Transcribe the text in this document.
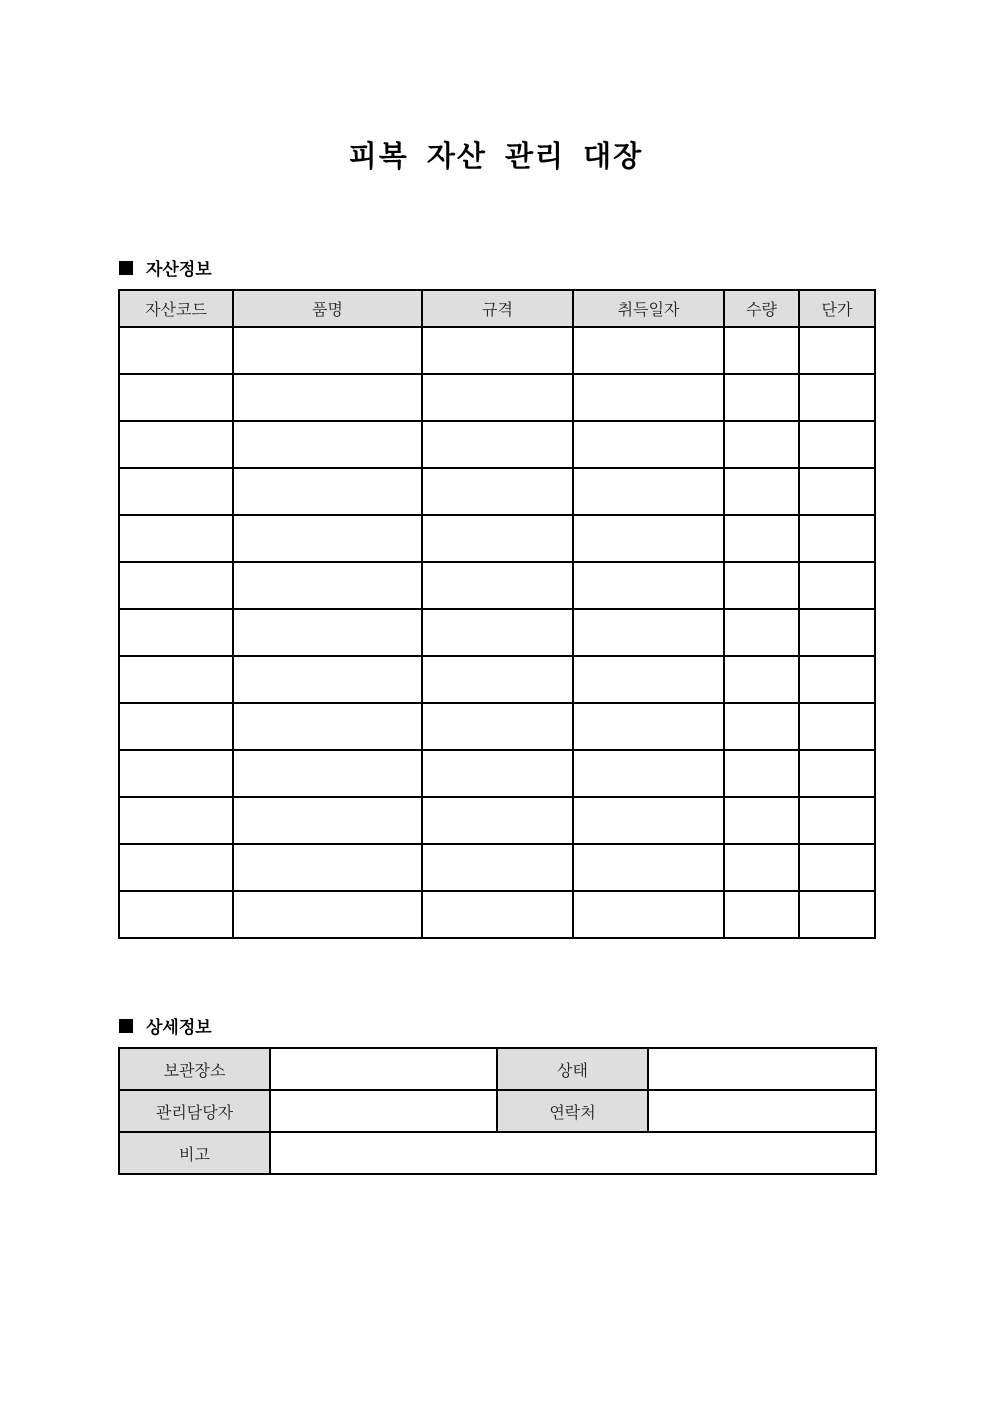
피복 자산 관리 대장
자산정보
자산코드	품명	규격	취득일자	수량	단가

상세정보
보관장소		상태	
관리담당자		연락처	
비고			
